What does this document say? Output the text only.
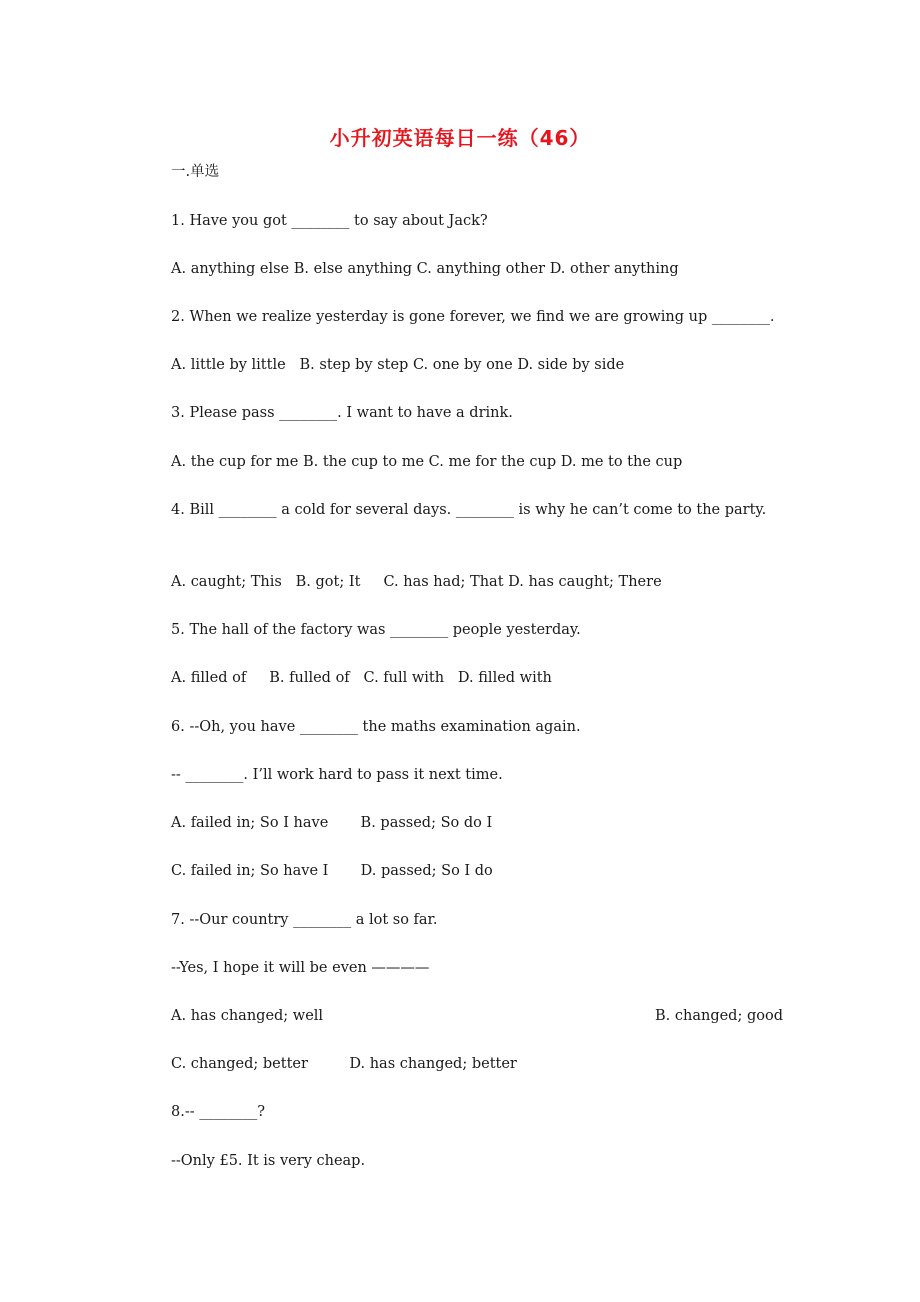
小升初英语每日一练（46）
一.单选
1. Have you got ________ to say about Jack?
A. anything else B. else anything C. anything other D. other anything
2. When we realize yesterday is gone forever, we find we are growing up ________.
A. little by little   B. step by step C. one by one D. side by side
3. Please pass ________. I want to have a drink.
A. the cup for me B. the cup to me C. me for the cup D. me to the cup
4. Bill ________ a cold for several days. ________ is why he can’t come to the party.
A. caught; This   B. got; It     C. has had; That D. has caught; There
5. The hall of the factory was ________ people yesterday.
A. filled of     B. fulled of   C. full with   D. filled with
6. --Oh, you have ________ the maths examination again.
-- ________. I’ll work hard to pass it next time.
A. failed in; So I have       B. passed; So do I
C. failed in; So have I       D. passed; So I do
7. --Our country ________ a lot so far.
--Yes, I hope it will be even ————
A. has changed; well	B. changed; good
C. changed; better         D. has changed; better
8.-- ________?
--Only £5. It is very cheap.
